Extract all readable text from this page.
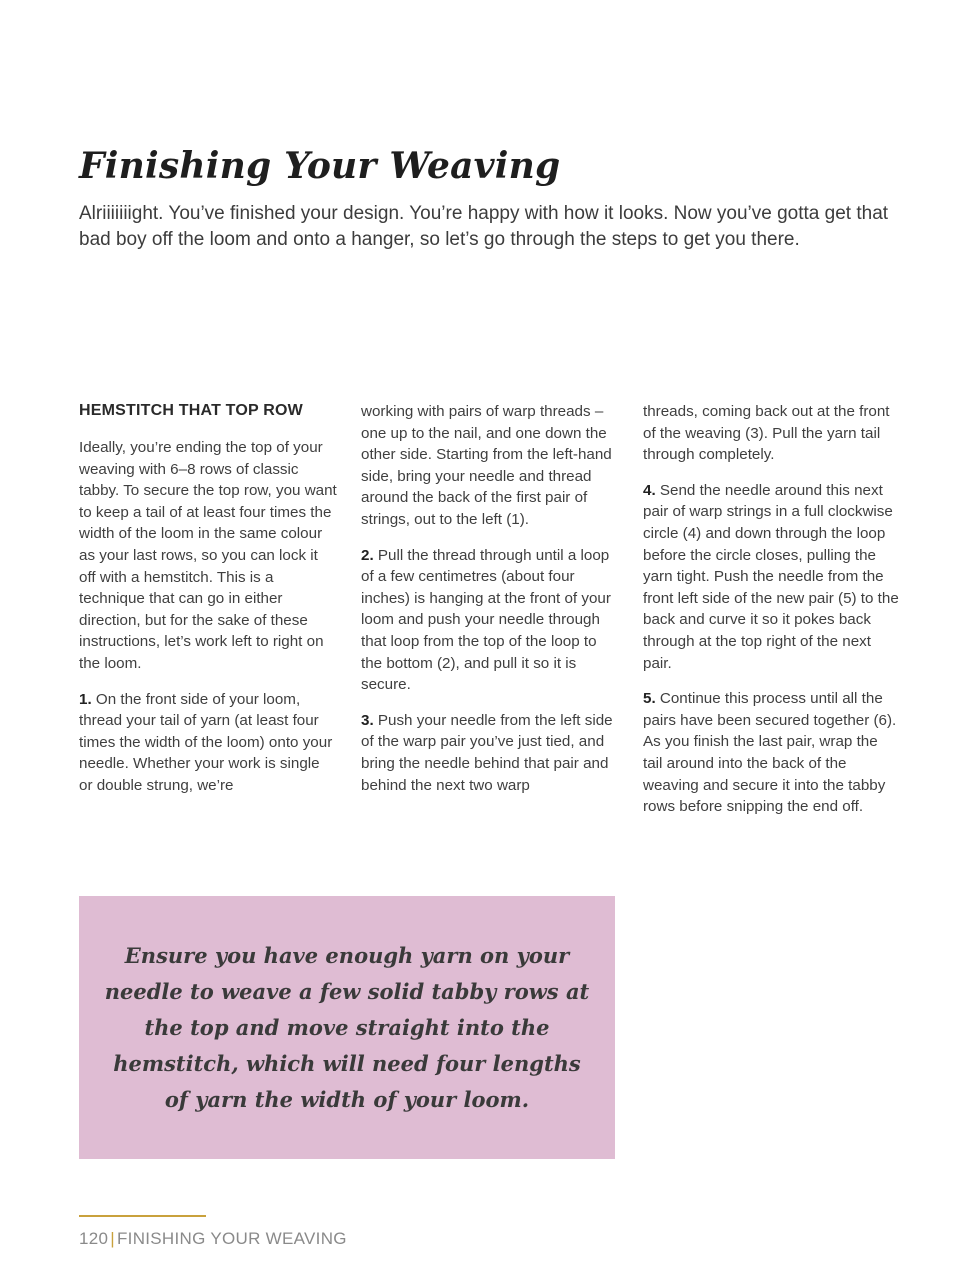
Finishing Your Weaving

Alriiiiiiight. You’ve finished your design. You’re happy with how it looks. Now you’ve gotta get that bad boy off the loom and onto a hanger, so let’s go through the steps to get you there.

HEMSTITCH THAT TOP ROW

Ideally, you’re ending the top of your weaving with 6–8 rows of classic tabby. To secure the top row, you want to keep a tail of at least four times the width of the loom in the same colour as your last rows, so you can lock it off with a hemstitch. This is a technique that can go in either direction, but for the sake of these instructions, let’s work left to right on the loom.

1. On the front side of your loom, thread your tail of yarn (at least four times the width of the loom) onto your needle. Whether your work is single or double strung, we’re

working with pairs of warp threads – one up to the nail, and one down the other side. Starting from the left-hand side, bring your needle and thread around the back of the first pair of strings, out to the left (1).

2. Pull the thread through until a loop of a few centimetres (about four inches) is hanging at the front of your loom and push your needle through that loop from the top of the loop to the bottom (2), and pull it so it is secure.

3. Push your needle from the left side of the warp pair you’ve just tied, and bring the needle behind that pair and behind the next two warp

threads, coming back out at the front of the weaving (3). Pull the yarn tail through completely.

4. Send the needle around this next pair of warp strings in a full clockwise circle (4) and down through the loop before the circle closes, pulling the yarn tight. Push the needle from the front left side of the new pair (5) to the back and curve it so it pokes back through at the top right of the next pair.

5. Continue this process until all the pairs have been secured together (6). As you finish the last pair, wrap the tail around into the back of the weaving and secure it into the tabby rows before snipping the end off.

Ensure you have enough yarn on your needle to weave a few solid tabby rows at the top and move straight into the hemstitch, which will need four lengths of yarn the width of your loom.

120 | FINISHING YOUR WEAVING
